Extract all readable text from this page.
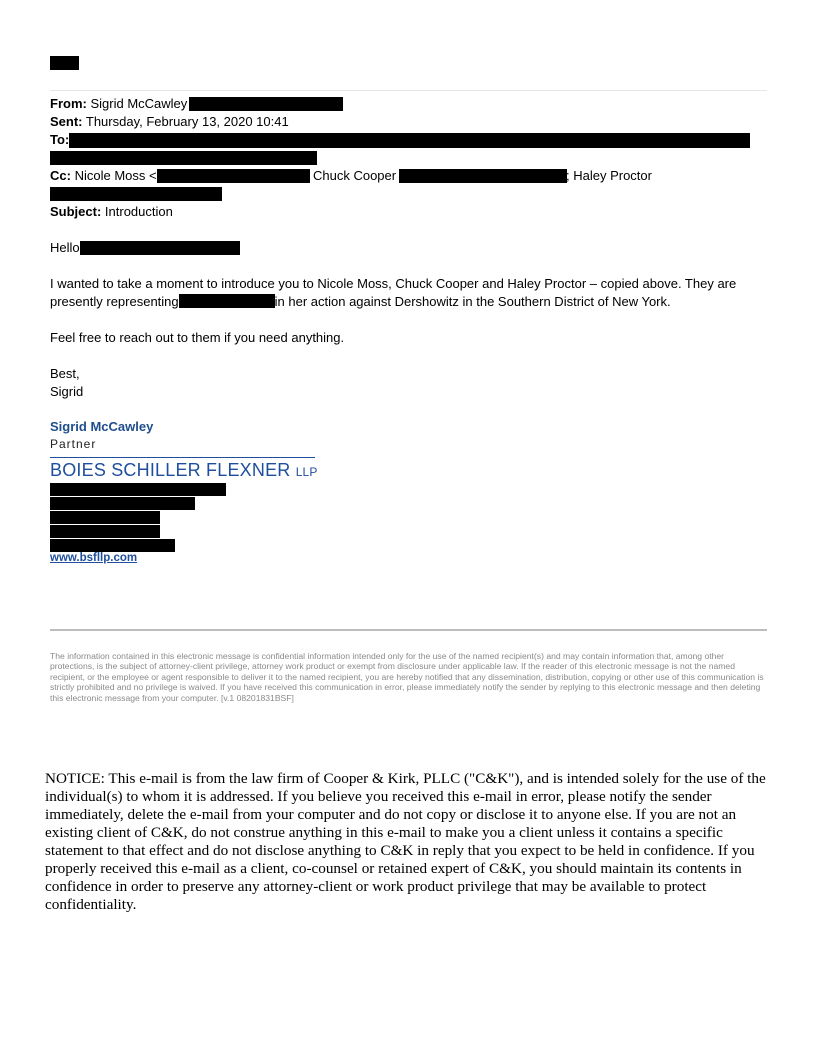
From: Sigrid McCawley
Sent: Thursday, February 13, 2020 10:41
To:
Cc: Nicole Moss <	Chuck Cooper	; Haley Proctor
Subject: Introduction
Hello
I wanted to take a moment to introduce you to Nicole Moss, Chuck Cooper and Haley Proctor – copied above. They are presently representing	in her action against Dershowitz in the Southern District of New York.
Feel free to reach out to them if you need anything.
Best,
Sigrid
Sigrid McCawley
Partner
BOIES SCHILLER FLEXNER LLP
www.bsfllp.com
The information contained in this electronic message is confidential information intended only for the use of the named recipient(s) and may contain information that, among other protections, is the subject of attorney-client privilege, attorney work product or exempt from disclosure under applicable law. If the reader of this electronic message is not the named recipient, or the employee or agent responsible to deliver it to the named recipient, you are hereby notified that any dissemination, distribution, copying or other use of this communication is strictly prohibited and no privilege is waived. If you have received this communication in error, please immediately notify the sender by replying to this electronic message and then deleting this electronic message from your computer. [v.1 08201831BSF]
NOTICE: This e-mail is from the law firm of Cooper & Kirk, PLLC ("C&K"), and is intended solely for the use of the individual(s) to whom it is addressed. If you believe you received this e-mail in error, please notify the sender immediately, delete the e-mail from your computer and do not copy or disclose it to anyone else. If you are not an existing client of C&K, do not construe anything in this e-mail to make you a client unless it contains a specific statement to that effect and do not disclose anything to C&K in reply that you expect to be held in confidence. If you properly received this e-mail as a client, co-counsel or retained expert of C&K, you should maintain its contents in confidence in order to preserve any attorney-client or work product privilege that may be available to protect confidentiality.
